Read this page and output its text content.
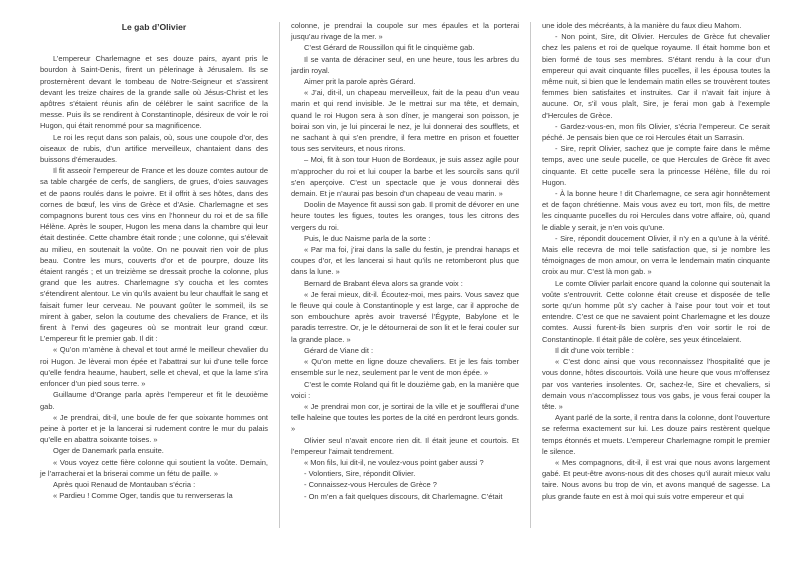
Le gab d’Olivier

L’empereur Charlemagne et ses douze pairs, ayant pris le bourdon à Saint-Denis, firent un pèlerinage à Jérusalem. Ils se prosternèrent devant le tombeau de Notre-Seigneur et s’assirent devant les treize chaires de la grande salle où Jésus-Christ et les apôtres s’étaient réunis afin de célébrer le saint sacrifice de la messe. Puis ils se rendirent à Constantinople, désireux de voir le roi Hugon, qui était renommé pour sa magnificence.

Le roi les reçut dans son palais, où, sous une coupole d’or, des oiseaux de rubis, d’un artifice merveilleux, chantaient dans des buissons d’émeraudes.

Il fit asseoir l’empereur de France et les douze comtes autour de sa table chargée de cerfs, de sangliers, de grues, d’oies sauvages et de paons roulés dans le poivre. Et il offrit à ses hôtes, dans des cornes de bœuf, les vins de Grèce et d’Asie. Charlemagne et ses compagnons burent tous ces vins en l’honneur du roi et de sa fille Hélène. Après le souper, Hugon les mena dans la chambre qui leur était destinée. Cette chambre était ronde ; une colonne, qui s’élevait au milieu, en soutenait la voûte. On ne pouvait rien voir de plus beau. Contre les murs, couverts d’or et de pourpre, douze lits étaient rangés ; et un treizième se dressait proche la colonne, plus grand que les autres. Charlemagne s’y coucha et les comtes s’étendirent alentour. Le vin qu’ils avaient bu leur chauffait le sang et faisait fumer leur cerveau. Ne pouvant goûter le sommeil, ils se mirent à gaber, selon la coutume des chevaliers de France, et ils firent à l’envi des gageures où se montrait leur grand cœur. L’empereur fit le premier gab. Il dit :

« Qu’on m’amène à cheval et tout armé le meilleur chevalier du roi Hugon. Je lèverai mon épée et l’abattrai sur lui d’une telle force qu’elle fendra heaume, haubert, selle et cheval, et que la lame s’ira enfoncer d’un pied sous terre. »

Guillaume d’Orange parla après l’empereur et fit le deuxième gab.

« Je prendrai, dit-il, une boule de fer que soixante hommes ont peine à porter et je la lancerai si rudement contre le mur du palais qu’elle en abattra soixante toises. »

Oger de Danemark parla ensuite.

« Vous voyez cette fière colonne qui soutient la voûte. Demain, je l’arracherai et la briserai comme un fétu de paille. »

Après quoi Renaud de Montauban s’écria :

« Pardieu ! Comme Oger, tandis que tu renverseras la

colonne, je prendrai la coupole sur mes épaules et la porterai jusqu’au rivage de la mer. »

C’est Gérard de Roussillon qui fit le cinquième gab.

Il se vanta de déraciner seul, en une heure, tous les arbres du jardin royal.

Aimer prit la parole après Gérard.

« J’ai, dit-il, un chapeau merveilleux, fait de la peau d’un veau marin et qui rend invisible. Je le mettrai sur ma tête, et demain, quand le roi Hugon sera à son dîner, je mangerai son poisson, je boirai son vin, je lui pincerai le nez, je lui donnerai des soufflets, et ne sachant à qui s’en prendre, il fera mettre en prison et fouetter tous ses serviteurs, et nous rirons.

– Moi, fit à son tour Huon de Bordeaux, je suis assez agile pour m’approcher du roi et lui couper la barbe et les sourcils sans qu’il s’en aperçoive. C’est un spectacle que je vous donnerai dès demain. Et je n’aurai pas besoin d’un chapeau de veau marin. »

Doolin de Mayence fit aussi son gab. Il promit de dévorer en une heure toutes les figues, toutes les oranges, tous les citrons des vergers du roi.

Puis, le duc Naisme parla de la sorte :

« Par ma foi, j’irai dans la salle du festin, je prendrai hanaps et coupes d’or, et les lancerai si haut qu’ils ne retomberont plus que dans la lune. »

Bernard de Brabant éleva alors sa grande voix :

« Je ferai mieux, dit-il. Écoutez-moi, mes pairs. Vous savez que le fleuve qui coule à Constantinople y est large, car il approche de son embouchure après avoir traversé l’Égypte, Babylone et le paradis terrestre. Or, je le détournerai de son lit et le ferai couler sur la grande place. »

Gérard de Viane dit :

« Qu’on mette en ligne douze chevaliers. Et je les fais tomber ensemble sur le nez, seulement par le vent de mon épée. »

C’est le comte Roland qui fit le douzième gab, en la manière que voici :

« Je prendrai mon cor, je sortirai de la ville et je soufflerai d’une telle haleine que toutes les portes de la cité en perdront leurs gonds. »

Olivier seul n’avait encore rien dit. Il était jeune et courtois. Et l’empereur l’aimait tendrement.

« Mon fils, lui dit-il, ne voulez-vous point gaber aussi ?

- Volontiers, Sire, répondit Olivier.

- Connaissez-vous Hercules de Grèce ?

- On m’en a fait quelques discours, dit Charlemagne. C’était

une idole des mécréants, à la manière du faux dieu Mahom.

- Non point, Sire, dit Olivier. Hercules de Grèce fut chevalier chez les païens et roi de quelque royaume. Il était homme bon et bien formé de tous ses membres. S’étant rendu à la cour d’un empereur qui avait cinquante filles pucelles, il les épousa toutes la même nuit, si bien que le lendemain matin elles se trouvèrent toutes femmes bien satisfaites et instruites. Car il n’avait fait injure à aucune. Or, s’il vous plaît, Sire, je ferai mon gab à l’exemple d’Hercules de Grèce.

- Gardez-vous-en, mon fils Olivier, s’écria l’empereur. Ce serait péché. Je pensais bien que ce roi Hercules était un Sarrasin.

- Sire, reprit Olivier, sachez que je compte faire dans le même temps, avec une seule pucelle, ce que Hercules de Grèce fit avec cinquante. Et cette pucelle sera la princesse Hélène, fille du roi Hugon.

- À la bonne heure ! dit Charlemagne, ce sera agir honnêtement et de façon chrétienne. Mais vous avez eu tort, mon fils, de mettre les cinquante pucelles du roi Hercules dans votre affaire, où, quand le diable y serait, je n’en vois qu’une.

- Sire, répondit doucement Olivier, il n’y en a qu’une à la vérité. Mais elle recevra de moi telle satisfaction que, si je nombre les témoignages de mon amour, on verra le lendemain matin cinquante croix au mur. C’est là mon gab. »

Le comte Olivier parlait encore quand la colonne qui soutenait la voûte s’entrouvrit. Cette colonne était creuse et disposée de telle sorte qu’un homme pût s’y cacher à l’aise pour tout voir et tout entendre. C’est ce que ne savaient point Charlemagne et les douze comtes. Aussi furent-ils bien surpris d’en voir sortir le roi de Constantinople. Il était pâle de colère, ses yeux étincelaient.

Il dit d’une voix terrible :

« C’est donc ainsi que vous reconnaissez l’hospitalité que je vous donne, hôtes discourtois. Voilà une heure que vous m’offensez par vos vanteries insolentes. Or, sachez-le, Sire et chevaliers, si demain vous n’accomplissez tous vos gabs, je vous ferai couper la tête. »

Ayant parlé de la sorte, il rentra dans la colonne, dont l’ouverture se referma exactement sur lui. Les douze pairs restèrent quelque temps étonnés et muets. L’empereur Charlemagne rompit le premier le silence.

« Mes compagnons, dit-il, il est vrai que nous avons largement gabé. Et peut-être avons-nous dit des choses qu’il aurait mieux valu taire. Nous avons bu trop de vin, et avons manqué de sagesse. La plus grande faute en est à moi qui suis votre empereur et qui
